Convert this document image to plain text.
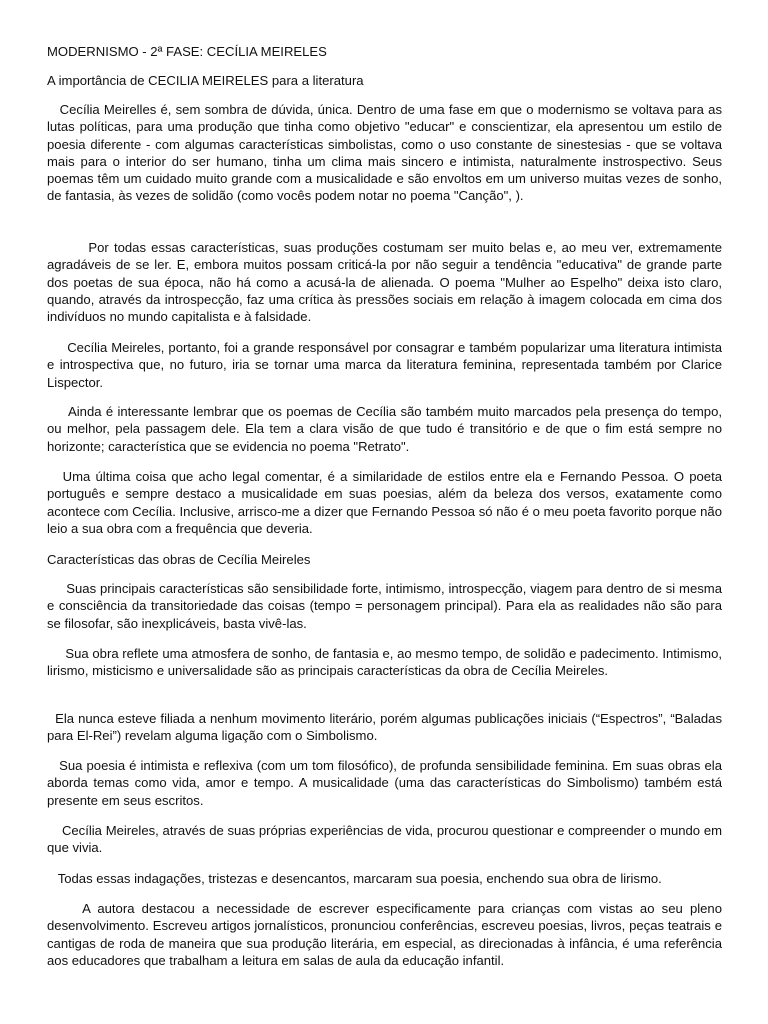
MODERNISMO - 2ª FASE: CECÍLIA MEIRELES

A importância de CECILIA MEIRELES para a literatura

Cecília Meirelles é, sem sombra de dúvida, única. Dentro de uma fase em que o modernismo se voltava para as lutas políticas, para uma produção que tinha como objetivo "educar" e conscientizar, ela apresentou um estilo de poesia diferente - com algumas características simbolistas, como o uso constante de sinestesias - que se voltava mais para o interior do ser humano, tinha um clima mais sincero e intimista, naturalmente instrospectivo. Seus poemas têm um cuidado muito grande com a musicalidade e são envoltos em um universo muitas vezes de sonho, de fantasia, às vezes de solidão (como vocês podem notar no poema "Canção", ).

Por todas essas características, suas produções costumam ser muito belas e, ao meu ver, extremamente agradáveis de se ler. E, embora muitos possam criticá-la por não seguir a tendência "educativa" de grande parte dos poetas de sua época, não há como a acusá-la de alienada. O poema "Mulher ao Espelho" deixa isto claro, quando, através da introspecção, faz uma crítica às pressões sociais em relação à imagem colocada em cima dos indivíduos no mundo capitalista e à falsidade.

Cecília Meireles, portanto, foi a grande responsável por consagrar e também popularizar uma literatura intimista e introspectiva que, no futuro, iria se tornar uma marca da literatura feminina, representada também por Clarice Lispector.

Ainda é interessante lembrar que os poemas de Cecília são também muito marcados pela presença do tempo, ou melhor, pela passagem dele. Ela tem a clara visão de que tudo é transitório e de que o fim está sempre no horizonte; característica que se evidencia no poema "Retrato".

Uma última coisa que acho legal comentar, é a similaridade de estilos entre ela e Fernando Pessoa. O poeta português e sempre destaco a musicalidade em suas poesias, além da beleza dos versos, exatamente como acontece com Cecília. Inclusive, arrisco-me a dizer que Fernando Pessoa só não é o meu poeta favorito porque não leio a sua obra com a frequência que deveria.

Características das obras de Cecília Meireles

Suas principais características são sensibilidade forte, intimismo, introspecção, viagem para dentro de si mesma e consciência da transitoriedade das coisas (tempo = personagem principal). Para ela as realidades não são para se filosofar, são inexplicáveis, basta vivê-las.

Sua obra reflete uma atmosfera de sonho, de fantasia e, ao mesmo tempo, de solidão e padecimento. Intimismo, lirismo, misticismo e universalidade são as principais características da obra de Cecília Meireles.

Ela nunca esteve filiada a nenhum movimento literário, porém algumas publicações iniciais (“Espectros”, “Baladas para El-Rei”) revelam alguma ligação com o Simbolismo.

Sua poesia é intimista e reflexiva (com um tom filosófico), de profunda sensibilidade feminina. Em suas obras ela aborda temas como vida, amor e tempo. A musicalidade (uma das características do Simbolismo) também está presente em seus escritos.

Cecília Meireles, através de suas próprias experiências de vida, procurou questionar e compreender o mundo em que vivia.

Todas essas indagações, tristezas e desencantos, marcaram sua poesia, enchendo sua obra de lirismo.

A autora destacou a necessidade de escrever especificamente para crianças com vistas ao seu pleno desenvolvimento. Escreveu artigos jornalísticos, pronunciou conferências, escreveu poesias, livros, peças teatrais e cantigas de roda de maneira que sua produção literária, em especial, as direcionadas à infância, é uma referência aos educadores que trabalham a leitura em salas de aula da educação infantil.
